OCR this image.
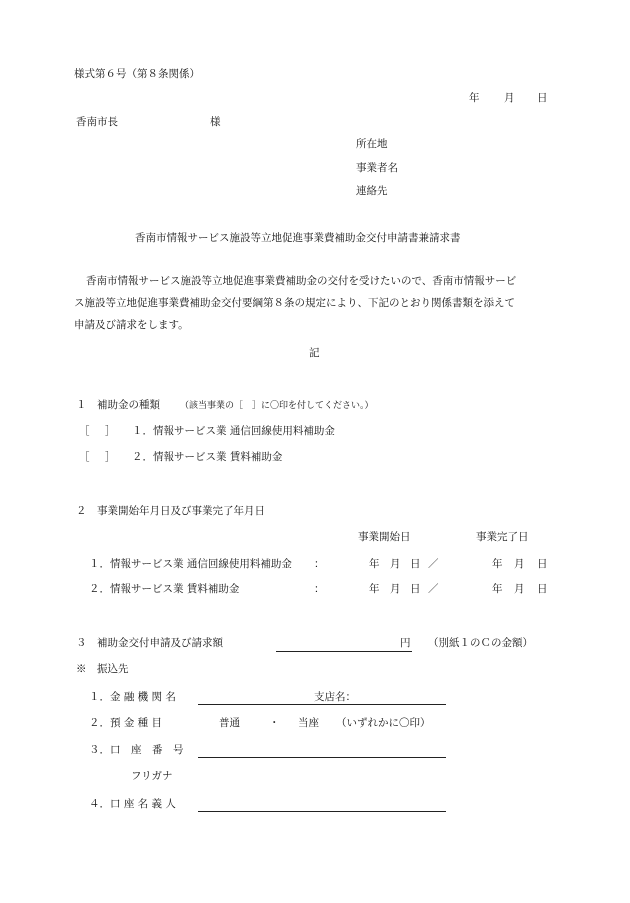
様式第６号（第８条関係）
年 月 日
香南市長	様
所在地
事業者名
連絡先
香南市情報サービス施設等立地促進事業費補助金交付申請書兼請求書
香南市情報サービス施設等立地促進事業費補助金の交付を受けたいので、香南市情報サービ
ス施設等立地促進事業費補助金交付要綱第８条の規定により、下記のとおり関係書類を添えて
申請及び請求をします。
記
１　補助金の種類 （該当事業の［　］に〇印を付してください。）
［ ］ １．情報サービス業 通信回線使用料補助金
［ ］ ２．情報サービス業 賃料補助金
２　事業開始年月日及び事業完了年月日
事業開始日	事業完了日
１．情報サービス業 通信回線使用料補助金 ：	年 月 日 ／	年 月 日
２．情報サービス業 賃料補助金	：	年 月 日 ／	年 月 日
３　補助金交付申請及び請求額	円 （別紙１のＣの金額）
※　振込先
１．金 融 機 関 名	支店名：
２．預 金 種 目	普通	・ 当座 （いずれかに〇印）
３．口　座　番　号
フリガナ
４．口 座 名 義 人
